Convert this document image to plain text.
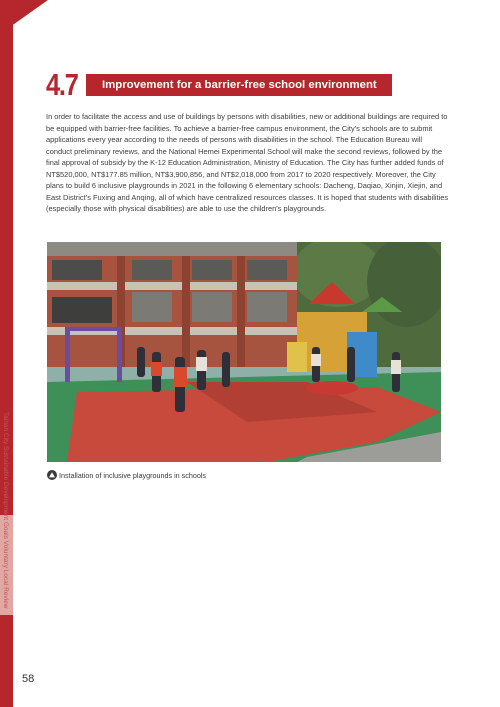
Tainan City Sustainable Development Goals Voluntary Local Review
4.7	Improvement for a barrier-free school environment
In order to facilitate the access and use of buildings by persons with disabilities, new or additional buildings are required to be equipped with barrier-free facilities. To achieve a barrier-free campus environment, the City’s schools are to submit applications every year according to the needs of persons with disabilities in the school. The Education Bureau will conduct preliminary reviews, and the National Hemei Experimental School will make the second reviews, followed by the final approval of subsidy by the K-12 Education Administration, Ministry of Education. The City has further added funds of NT$520,000, NT$177.85 million, NT$3,900,856, and NT$2,018,000 from 2017 to 2020 respectively. Moreover, the City plans to build 6 inclusive playgrounds in 2021 in the following 6 elementary schools: Dacheng, Daqiao, Xinjin, Xiejin, and East District’s Fuxing and Anqing, all of which have centralized resources classes. It is hoped that students with disabilities (especially those with physical disabilities) are able to use the children's playgrounds.
Installation of inclusive playgrounds in schools
58
